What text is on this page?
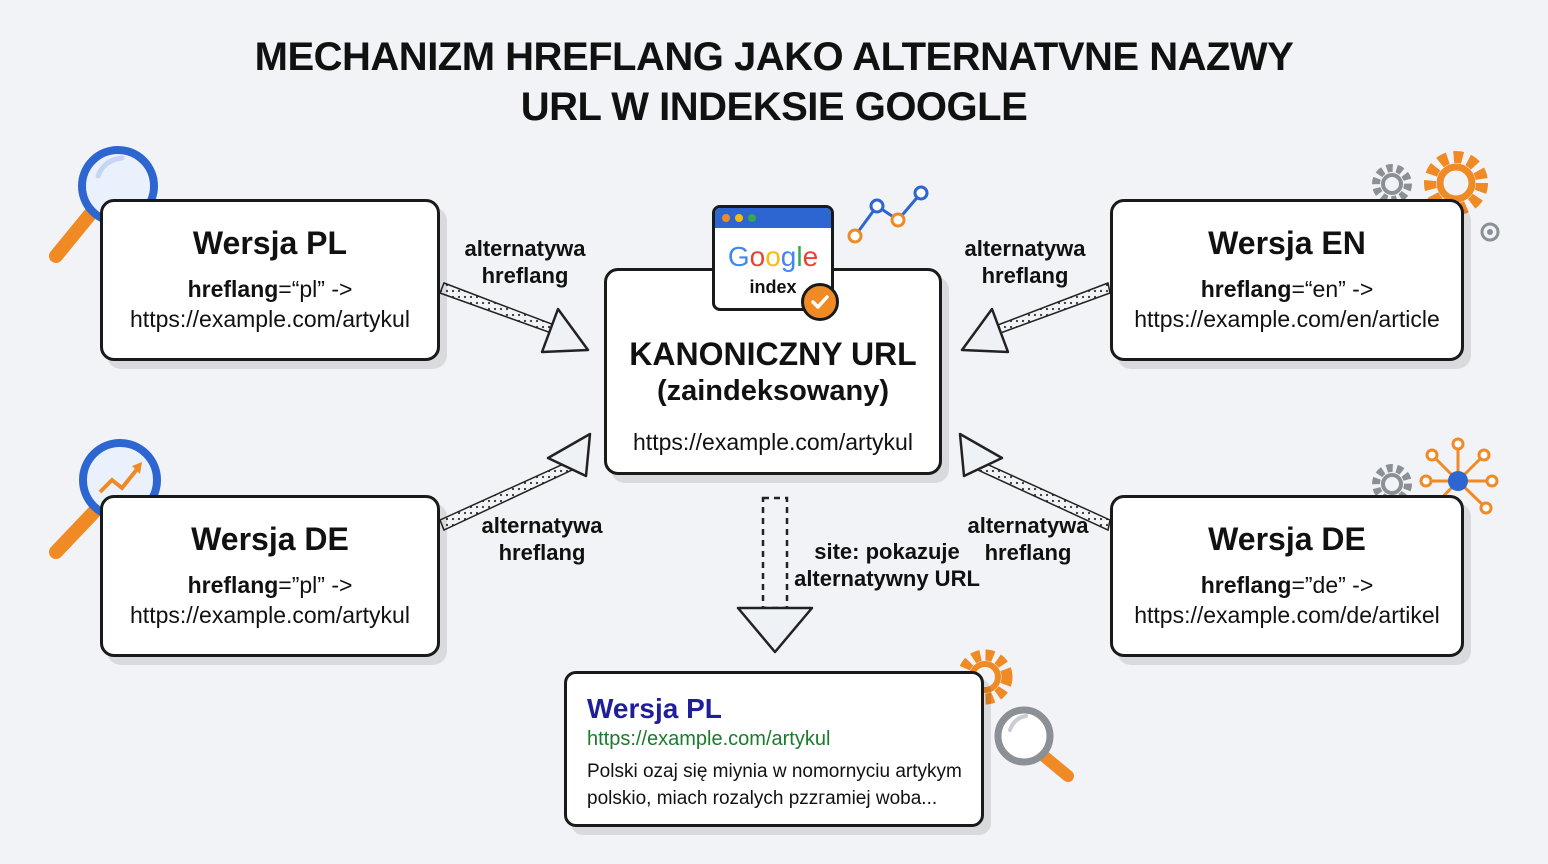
MECHANIZM HREFLANG JAKO ALTERNATVNE NAZWY
URL W INDEKSIE GOOGLE
Wersja PL
hreflang=“pl” ->
https://example.com/artykul
Wersja DE
hreflang=”pl” ->
https://example.com/artykul
Wersja EN
hreflang=“en” ->
https://example.com/en/article
Wersja DE
hreflang=”de” ->
https://example.com/de/artikel
KANONICZNY URL
(zaindeksowany)
https://example.com/artykul
Google
index
alternatywa
hreflang
alternatywa
hreflang
alternatywa
hreflang
alternatywa
hreflang
site: pokazuje
alternatywny URL
Wersja PL
https://example.com/artykul
Polski ozaj się miynia w nomornyciu artykym
polskiо, miach rozalych pzzгamiej woba...
